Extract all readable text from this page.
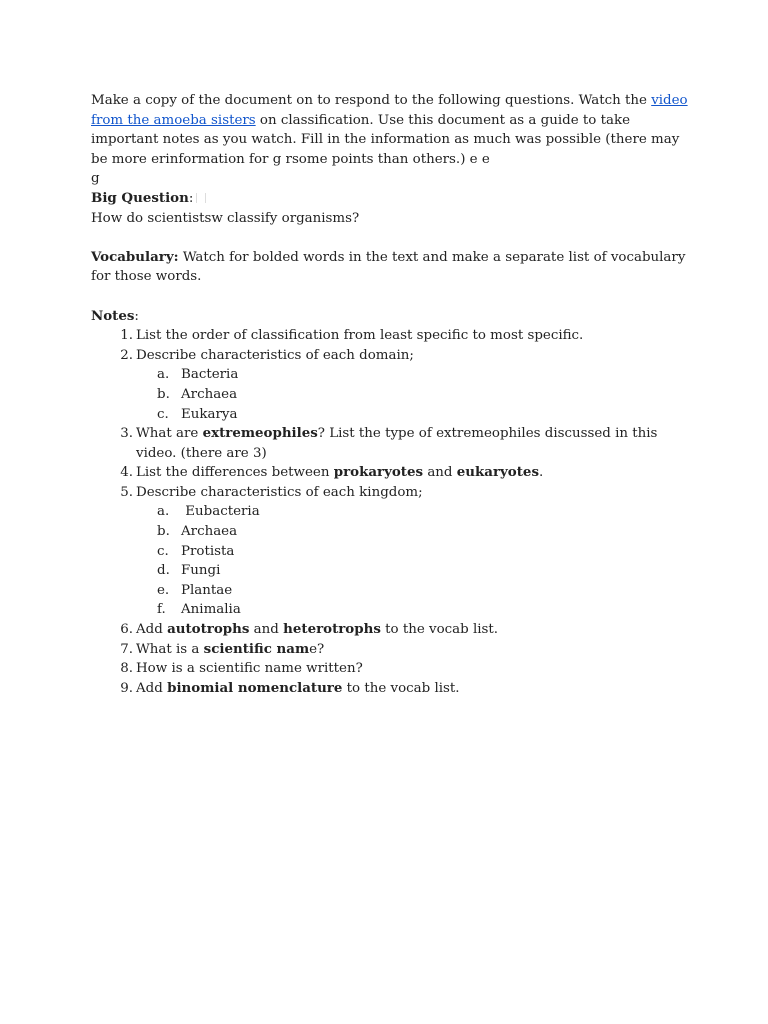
Make a copy of the document on to respond to the following questions. Watch the video from the amoeba sisters on classification. Use this document as a guide to take important notes as you watch. Fill in the information as much was possible (there may be more erinformation for g rsome points than others.) e e

g

Big Question:

How do scientistsw classify organisms?

Vocabulary: Watch for bolded words in the text and make a separate list of vocabulary for those words.

Notes:

1. List the order of classification from least specific to most specific.
2. Describe characteristics of each domain;
a. Bacteria
b. Archaea
c. Eukarya
3. What are extremeophiles? List the type of extremeophiles discussed in this video. (there are 3)
4. List the differences between prokaryotes and eukaryotes.
5. Describe characteristics of each kingdom;
a. Eubacteria
b. Archaea
c. Protista
d. Fungi
e. Plantae
f. Animalia
6. Add autotrophs and heterotrophs to the vocab list.
7. What is a scientific name?
8. How is a scientific name written?
9. Add binomial nomenclature to the vocab list.
